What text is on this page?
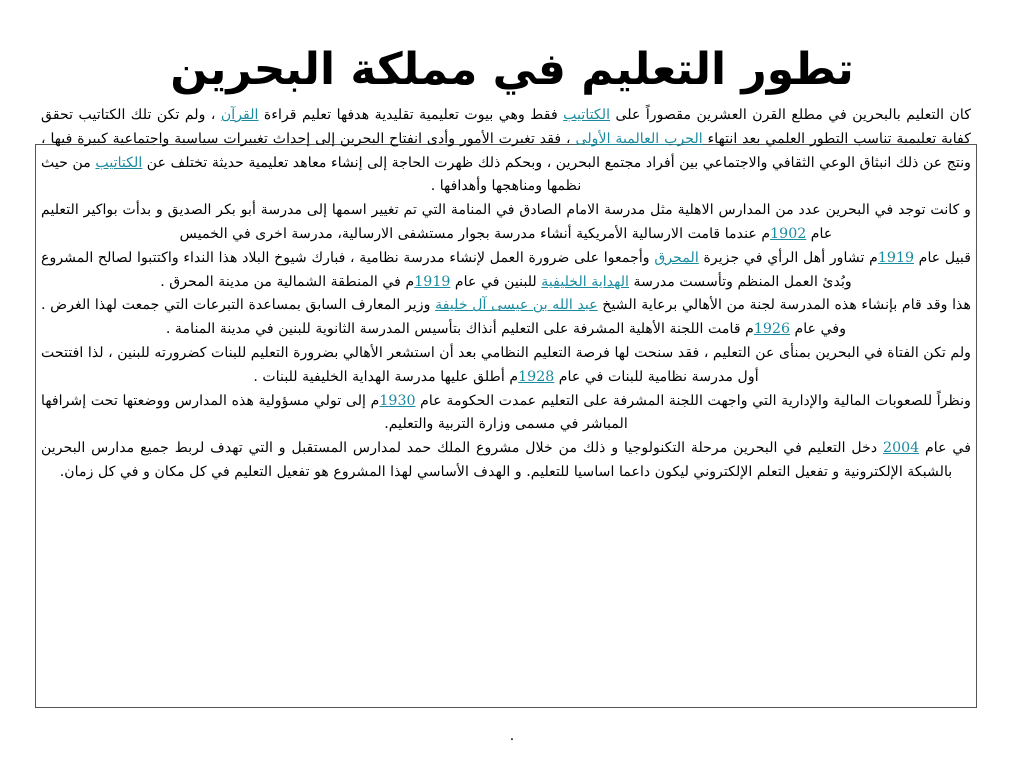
تطور التعليم في مملكة البحرين

كان التعليم بالبحرين في مطلع القرن العشرين مقصوراً على الكتاتيب فقط وهي بيوت تعليمية تقليدية هدفها تعليم قراءة القرآن ، ولم تكن تلك الكتاتيب تحقق كفاية تعليمية تناسب التطور العلمي بعد انتهاء الحرب العالمية الأولى ، فقد تغيرت الأمور وأدى انفتاح البحرين إلى إحداث تغييرات سياسية واجتماعية كبيرة فيها ، ونتج عن ذلك انبثاق الوعي الثقافي والاجتماعي بين أفراد مجتمع البحرين ، وبحكم ذلك ظهرت الحاجة إلى إنشاء معاهد تعليمية حديثة تختلف عن الكتاتيب من حيث نظمها ومناهجها وأهدافها .

و كانت توجد في البحرين عدد من المدارس الاهلية مثل مدرسة الامام الصادق في المنامة التي تم تغيير اسمها إلى مدرسة أبو بكر الصديق و بدأت بواكير التعليم عام 1902م عندما قامت الارسالية الأمريكية أنشاء مدرسة بجوار مستشفى الارسالية، مدرسة اخرى في الخميس

قبيل عام 1919م تشاور أهل الرأي في جزيرة المحرق وأجمعوا على ضرورة العمل لإنشاء مدرسة نظامية ، فبارك شيوخ البلاد هذا النداء واكتتبوا لصالح المشروع وبُدئ العمل المنظم وتأسست مدرسة الهداية الخليفية للبنين في عام 1919م في المنطقة الشمالية من مدينة المحرق .

هذا وقد قام بإنشاء هذه المدرسة لجنة من الأهالي برعاية الشيخ عبد الله بن عيسى آل خليفة وزير المعارف السابق بمساعدة التبرعات التي جمعت لهذا الغرض . وفي عام 1926م قامت اللجنة الأهلية المشرفة على التعليم أنذاك بتأسيس المدرسة الثانوية للبنين في مدينة المنامة .

ولم تكن الفتاة في البحرين بمنأى عن التعليم ، فقد سنحت لها فرصة التعليم النظامي بعد أن استشعر الأهالي بضرورة التعليم للبنات كضرورته للبنين ، لذا افتتحت أول مدرسة نظامية للبنات في عام 1928م أطلق عليها مدرسة الهداية الخليفية للبنات .

ونظراً للصعوبات المالية والإدارية التي واجهت اللجنة المشرفة على التعليم عمدت الحكومة عام 1930م إلى تولي مسؤولية هذه المدارس ووضعتها تحت إشرافها المباشر في مسمى وزارة التربية والتعليم.

في عام 2004 دخل التعليم في البحرين مرحلة التكنولوجيا و ذلك من خلال مشروع الملك حمد لمدارس المستقبل و التي تهدف لربط جميع مدارس البحرين بالشبكة الإلكترونية و تفعيل التعلم الإلكتروني ليكون داعما اساسيا للتعليم. و الهدف الأساسي لهذا المشروع هو تفعيل التعليم في كل مكان و في كل زمان.

.
